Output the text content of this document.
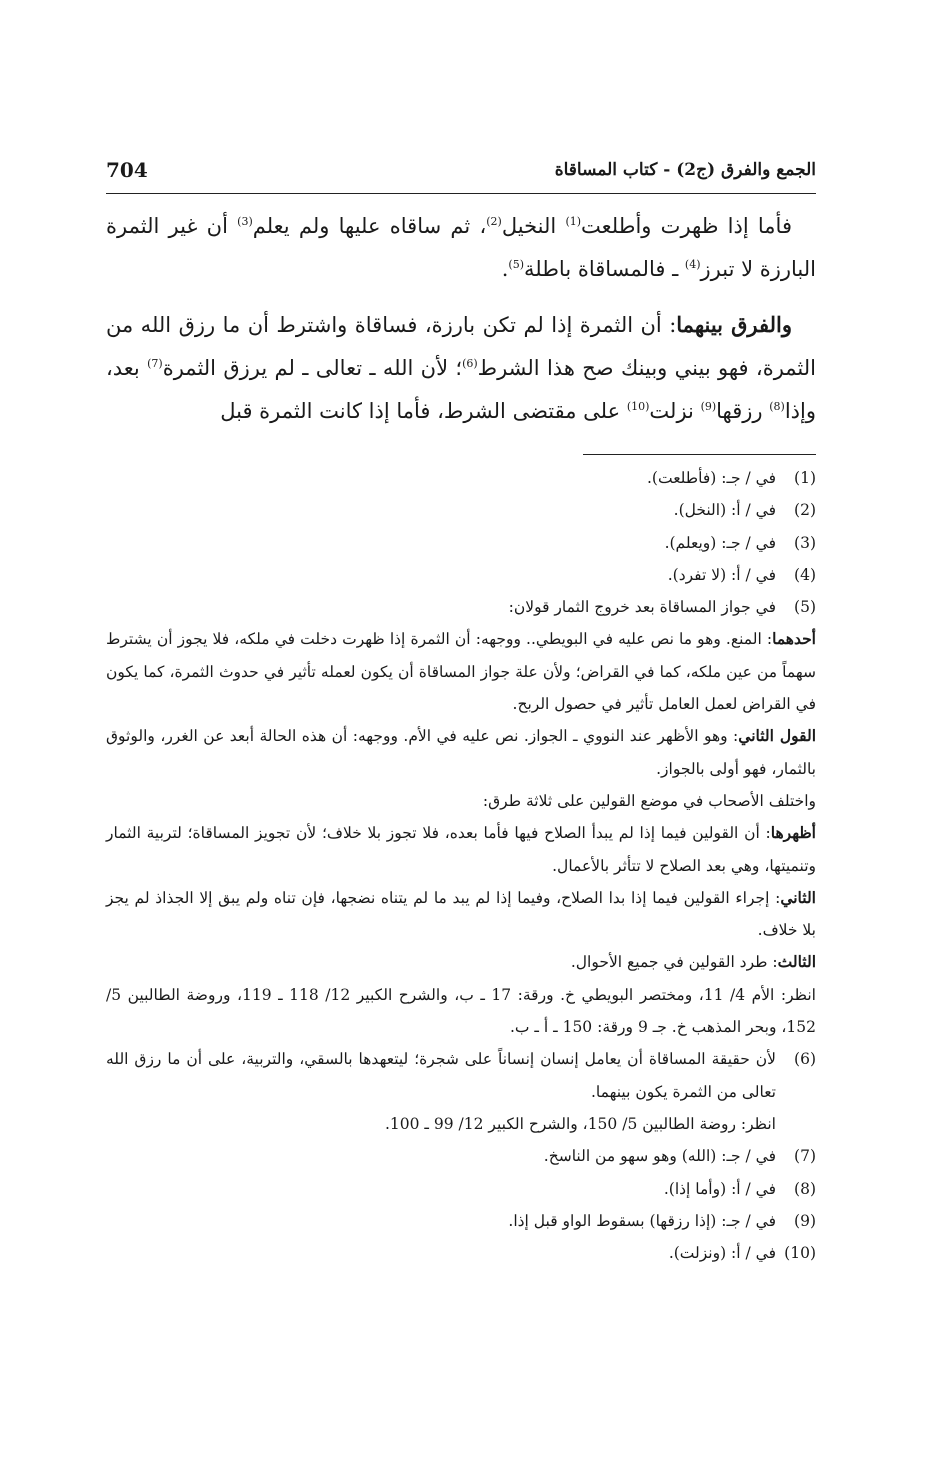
704	الجمع والفرق (ج2) - كتاب المساقاة

فأما إذا ظهرت وأطلعت$^{(1)}$ النخيل$^{(2)}$، ثم ساقاه عليها ولم يعلم$^{(3)}$ أن غير الثمرة البارزة لا تبرز$^{(4)}$ ـ فالمساقاة باطلة$^{(5)}$.

والفرق بينهما: أن الثمرة إذا لم تكن بارزة، فساقاة واشترط أن ما رزق الله من الثمرة، فهو بيني وبينك صح هذا الشرط$^{(6)}$؛ لأن الله ـ تعالى ـ لم يرزق الثمرة$^{(7)}$ بعد، وإذا$^{(8)}$ رزقها$^{(9)}$ نزلت$^{(10)}$ على مقتضى الشرط، فأما إذا كانت الثمرة قبل

(1)
في / جـ: (فأطلعت).
(2)
في / أ: (النخل).
(3)
في / جـ: (ويعلم).
(4)
في / أ: (لا تفرد).
(5)
في جواز المساقاة بعد خروج الثمار قولان:

أحدهما: المنع. وهو ما نص عليه في البويطي.. ووجهه: أن الثمرة إذا ظهرت دخلت في ملكه، فلا يجوز أن يشترط سهماً من عين ملكه، كما في القراض؛ ولأن علة جواز المساقاة أن يكون لعمله تأثير في حدوث الثمرة، كما يكون في القراض لعمل العامل تأثير في حصول الربح.

القول الثاني: وهو الأظهر عند النووي ـ الجواز. نص عليه في الأم. ووجهه: أن هذه الحالة أبعد عن الغرر، والوثوق بالثمار، فهو أولى بالجواز.

واختلف الأصحاب في موضع القولين على ثلاثة طرق:

أظهرها: أن القولين فيما إذا لم يبدأ الصلاح فيها فأما بعده، فلا تجوز بلا خلاف؛ لأن تجويز المساقاة؛ لتربية الثمار وتنميتها، وهي بعد الصلاح لا تتأثر بالأعمال.

الثاني: إجراء القولين فيما إذا بدا الصلاح، وفيما إذا لم يبد ما لم يتناه نضجها، فإن تناه ولم يبق إلا الجذاذ لم يجز بلا خلاف.

الثالث: طرد القولين في جميع الأحوال.

انظر: الأم 4/ 11، ومختصر البويطي خ. ورقة: 17 ـ ب، والشرح الكبير 12/ 118 ـ 119، وروضة الطالبين 5/ 152، وبحر المذهب خ. جـ 9 ورقة: 150 ـ أ ـ ب.

(6)
لأن حقيقة المساقاة أن يعامل إنسان إنساناً على شجرة؛ ليتعهدها بالسقي، والتربية، على أن ما رزق الله تعالى من الثمرة يكون بينهما.

انظر: روضة الطالبين 5/ 150، والشرح الكبير 12/ 99 ـ 100.

(7)
في / جـ: (الله) وهو سهو من الناسخ.
(8)
في / أ: (وأما إذا).
(9)
في / جـ: (إذا رزقها) بسقوط الواو قبل إذا.
(10)
في / أ: (ونزلت).
